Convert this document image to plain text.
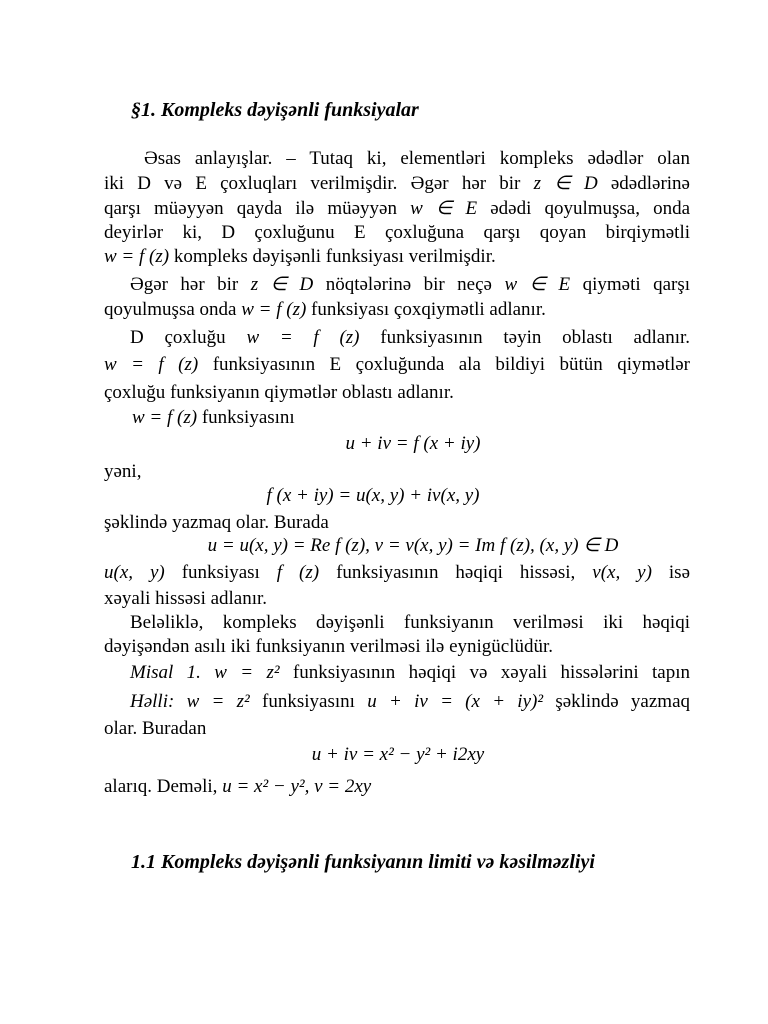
§1. Kompleks dəyişənli funksiyalar
Əsas anlayışlar. – Tutaq ki, elementləri kompleks ədədlər olan
iki D və E çoxluqları verilmişdir. Əgər hər bir z ∈ D ədədlərinə
qarşı müəyyən qayda ilə müəyyən w ∈ E ədədi qoyulmuşsa, onda
deyirlər ki, D çoxluğunu E çoxluğuna qarşı qoyan birqiymətli
w = f (z) kompleks dəyişənli funksiyası verilmişdir.
Əgər hər bir z ∈ D nöqtələrinə bir neçə w ∈ E qiyməti qarşı
qoyulmuşsa onda w = f (z) funksiyası çoxqiymətli adlanır.
D çoxluğu w = f (z) funksiyasının təyin oblastı adlanır.
w = f (z) funksiyasının E çoxluğunda ala bildiyi bütün qiymətlər
çoxluğu funksiyanın qiymətlər oblastı adlanır.
w = f (z) funksiyasını
u + iv = f (x + iy)
yəni,
f (x + iy) = u(x, y) + iv(x, y)
şəklində yazmaq olar. Burada
u = u(x, y) = Re f (z), v = v(x, y) = Im f (z), (x, y) ∈ D
u(x, y) funksiyası f (z) funksiyasının həqiqi hissəsi, v(x, y) isə
xəyali hissəsi adlanır.
Beləliklə, kompleks dəyişənli funksiyanın verilməsi iki həqiqi
dəyişəndən asılı iki funksiyanın verilməsi ilə eynigüclüdür.
Misal 1. w = z² funksiyasının həqiqi və xəyali hissələrini tapın
Həlli: w = z² funksiyasını u + iv = (x + iy)² şəklində yazmaq
olar. Buradan
u + iv = x² − y² + i2xy
alarıq. Deməli, u = x² − y², v = 2xy
1.1 Kompleks dəyişənli funksiyanın limiti və kəsilməzliyi
